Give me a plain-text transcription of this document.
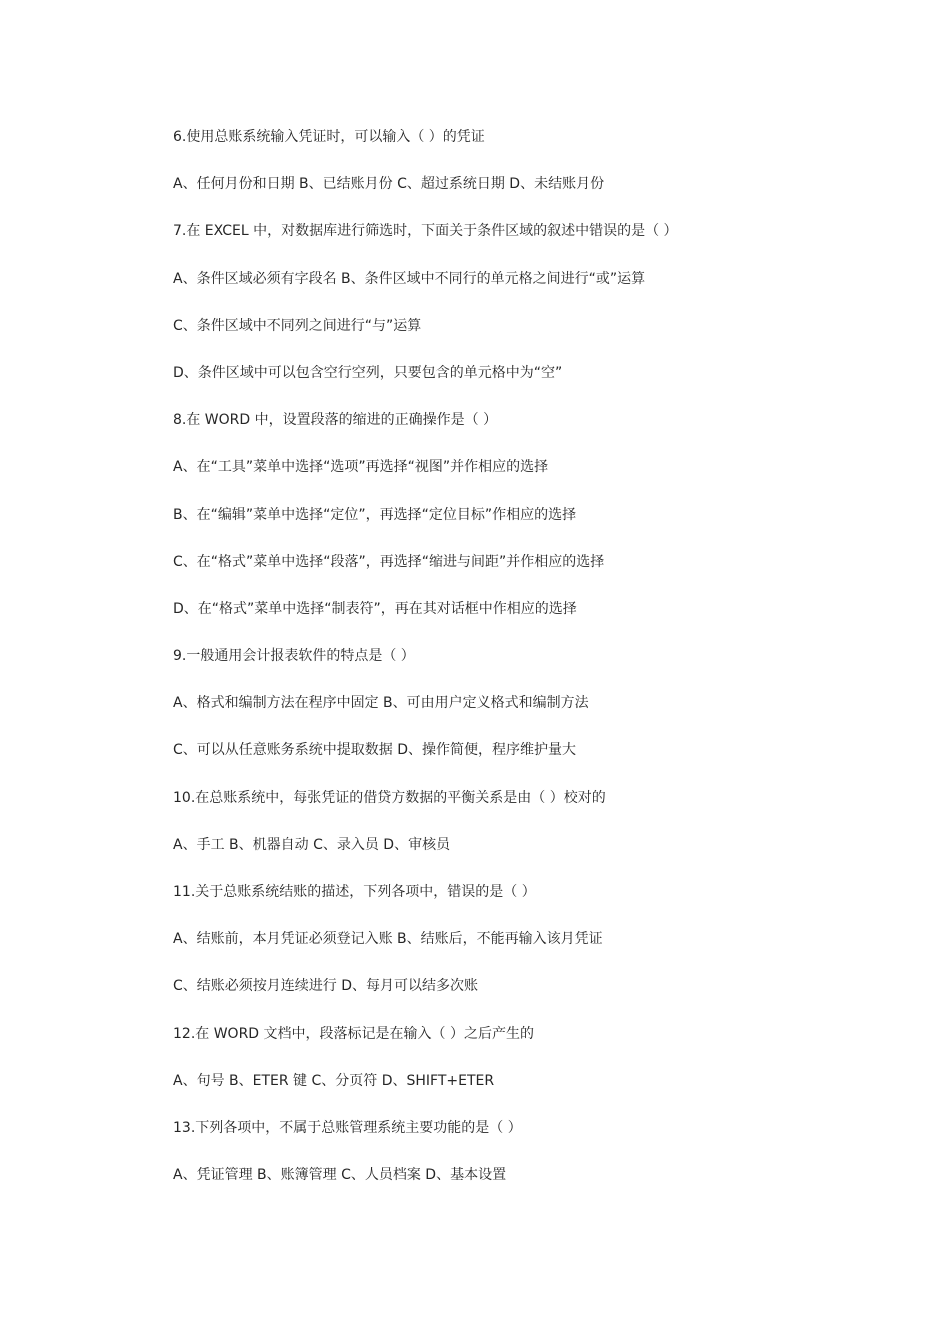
6.使用总账系统输入凭证时，可以输入（ ）的凭证
A、任何月份和日期 B、已结账月份 C、超过系统日期 D、未结账月份
7.在 EXCEL 中，对数据库进行筛选时，下面关于条件区域的叙述中错误的是（ ）
A、条件区域必须有字段名 B、条件区域中不同行的单元格之间进行“或”运算
C、条件区域中不同列之间进行“与”运算
D、条件区域中可以包含空行空列，只要包含的单元格中为“空”
8.在 WORD 中，设置段落的缩进的正确操作是（ ）
A、在“工具”菜单中选择“选项”再选择“视图”并作相应的选择
B、在“编辑”菜单中选择“定位”，再选择“定位目标”作相应的选择
C、在“格式”菜单中选择“段落”，再选择“缩进与间距”并作相应的选择
D、在“格式”菜单中选择“制表符”，再在其对话框中作相应的选择
9.一般通用会计报表软件的特点是（ ）
A、格式和编制方法在程序中固定 B、可由用户定义格式和编制方法
C、可以从任意账务系统中提取数据 D、操作简便，程序维护量大
10.在总账系统中，每张凭证的借贷方数据的平衡关系是由（ ）校对的
A、手工 B、机器自动 C、录入员 D、审核员
11.关于总账系统结账的描述，下列各项中，错误的是（ ）
A、结账前，本月凭证必须登记入账 B、结账后，不能再输入该月凭证
C、结账必须按月连续进行 D、每月可以结多次账
12.在 WORD 文档中，段落标记是在输入（ ）之后产生的
A、句号 B、ETER 键 C、分页符 D、SHIFT+ETER
13.下列各项中，不属于总账管理系统主要功能的是（ ）
A、凭证管理 B、账簿管理 C、人员档案 D、基本设置
